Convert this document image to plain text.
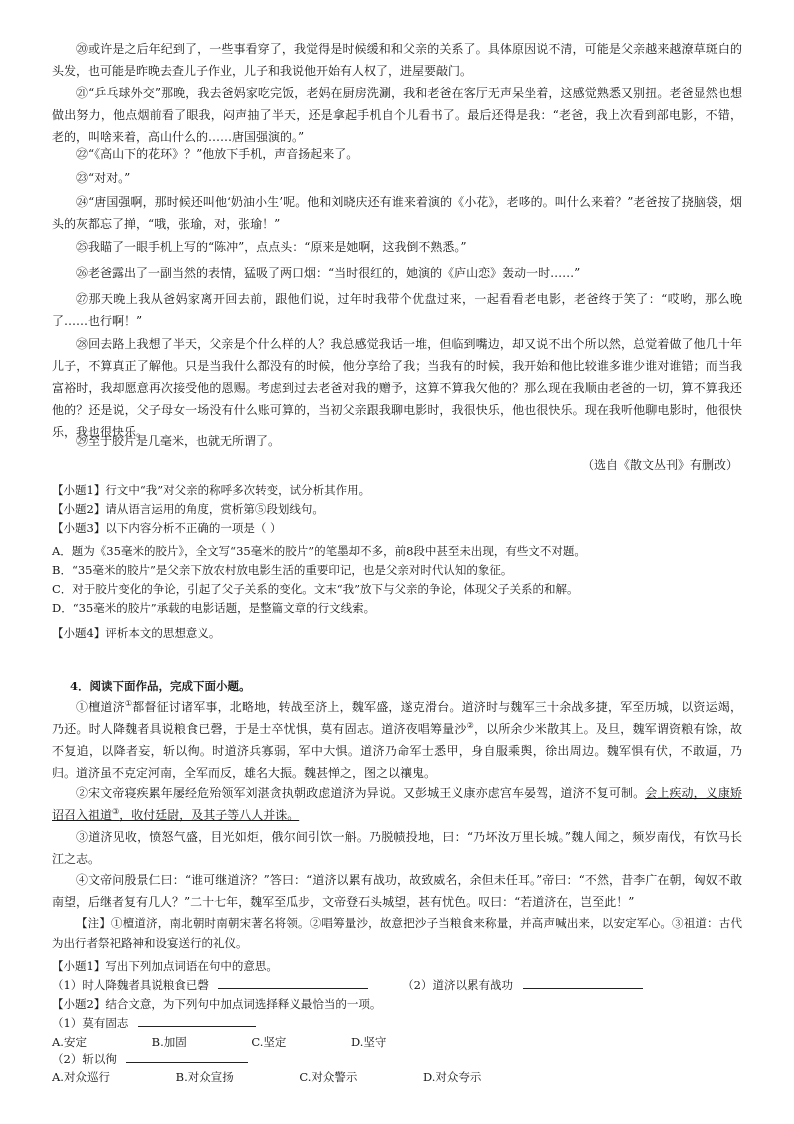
⑳或许是之后年纪到了，一些事看穿了，我觉得是时候缓和和父亲的关系了。具体原因说不清，可能是父亲越来越潦草斑白的头发，也可能是昨晚去查儿子作业，儿子和我说他开始有人权了，进屋要敲门。

㉑“乒乓球外交”那晚，我去爸妈家吃完饭，老妈在厨房洗涮，我和老爸在客厅无声呆坐着，这感觉熟悉又别扭。老爸显然也想做出努力，他点烟前看了眼我，闷声抽了半天，还是拿起手机自个儿看书了。最后还得是我：“老爸，我上次看到部电影，不错，老的，叫啥来着，高山什么的……唐国强演的。”

㉒“《高山下的花环》？”他放下手机，声音扬起来了。

㉓“对对。”

㉔“唐国强啊，那时候还叫他‘奶油小生’呢。他和刘晓庆还有谁来着演的《小花》，老哆的。叫什么来着？”老爸按了挠脑袋，烟头的灰都忘了掸，“哦，张瑜，对，张瑜！”

㉕我瞄了一眼手机上写的“陈冲”，点点头：“原来是她啊，这我倒不熟悉。”

㉖老爸露出了一副当然的表情，猛吸了两口烟：“当时很红的，她演的《庐山恋》轰动一时……”

㉗那天晚上我从爸妈家离开回去前，跟他们说，过年时我带个优盘过来，一起看看老电影，老爸终于笑了：“哎哟，那么晚了……也行啊！”

㉘回去路上我想了半天，父亲是个什么样的人？我总感觉我话一堆，但临到嘴边，却又说不出个所以然，总觉着做了他几十年儿子，不算真正了解他。只是当我什么都没有的时候，他分享给了我；当我有的时候，我开始和他比较谁多谁少谁对谁错；而当我富裕时，我却愿意再次接受他的恩赐。考虑到过去老爸对我的赠予，这算不算我欠他的？那么现在我顺由老爸的一切，算不算我还他的？还是说，父子母女一场没有什么账可算的，当初父亲跟我聊电影时，我很快乐，他也很快乐。现在我听他聊电影时，他很快乐，我也很快乐。

㉙至于胶片是几毫米，也就无所谓了。

（选自《散文丛刊》有删改）

【小题1】行文中“我”对父亲的称呼多次转变，试分析其作用。

【小题2】请从语言运用的角度，赏析第⑤段划线句。

【小题3】以下内容分析不正确的一项是（ ）

A．题为《35毫米的胶片》，全文写“35毫米的胶片”的笔墨却不多，前8段中甚至未出现，有些文不对题。

B．“35毫米的胶片”是父亲下放农村放电影生活的重要印记，也是父亲对时代认知的象征。

C．对于胶片变化的争论，引起了父子关系的变化。文末“我”放下与父亲的争论，体现父子关系的和解。

D．“35毫米的胶片”承载的电影话题，是整篇文章的行文线索。

【小题4】评析本文的思想意义。

4．阅读下面作品，完成下面小题。

①檀道济①都督征讨诸军事，北略地，转战至济上，魏军盛，遂克滑台。道济时与魏军三十余战多捷，军至历城，以资运竭，乃还。时人降魏者具说粮食已磬，于是士卒忧惧，莫有固志。道济夜唱筹量沙②，以所余少米散其上。及旦，魏军谓资粮有馀，故不复追，以降者妄，斩以徇。时道济兵寡弱，军中大惧。道济乃命军士悉甲，身自服乘舆，徐出周边。魏军惧有伏，不敢逼，乃归。道济虽不克定河南，全军而反，雄名大振。魏甚惮之，图之以禳鬼。

②宋文帝寝疾累年屡经危殆领军刘湛贪执朝政虑道济为异说。又彭城王义康亦虑宫车晏驾，道济不复可制。会上疾动，义康矫诏召入祖道③，收付廷尉，及其子等八人并诛。

③道济见收，愤怒气盛，目光如炬，俄尔间引饮一斛。乃脱帻投地，曰：“乃坏汝万里长城。”魏人闻之，频岁南伐，有饮马长江之志。

④文帝问殷景仁曰：“谁可继道济？”答曰：“道济以累有战功，故致威名，余但未任耳。”帝曰：“不然，昔李广在朝，匈奴不敢南望，后继者复有几人？”二十七年，魏军至瓜步，文帝登石头城望，甚有忧色。叹曰：“若道济在，岂至此！”

【注】①檀道济，南北朝时南朝宋著名将领。②唱筹量沙，故意把沙子当粮食来称量，并高声喊出来，以安定军心。③祖道：古代为出行者祭祀路神和设宴送行的礼仪。

【小题1】写出下列加点词语在句中的意思。

（1）时人降魏者具说粮食已磬	（2）道济以累有战功

【小题2】结合文意，为下列句中加点词选择释义最恰当的一项。

（1）莫有固志

A.安定	B.加固	C.坚定	D.坚守

（2）斩以徇

A.对众巡行	B.对众宣扬	C.对众警示	D.对众夸示
